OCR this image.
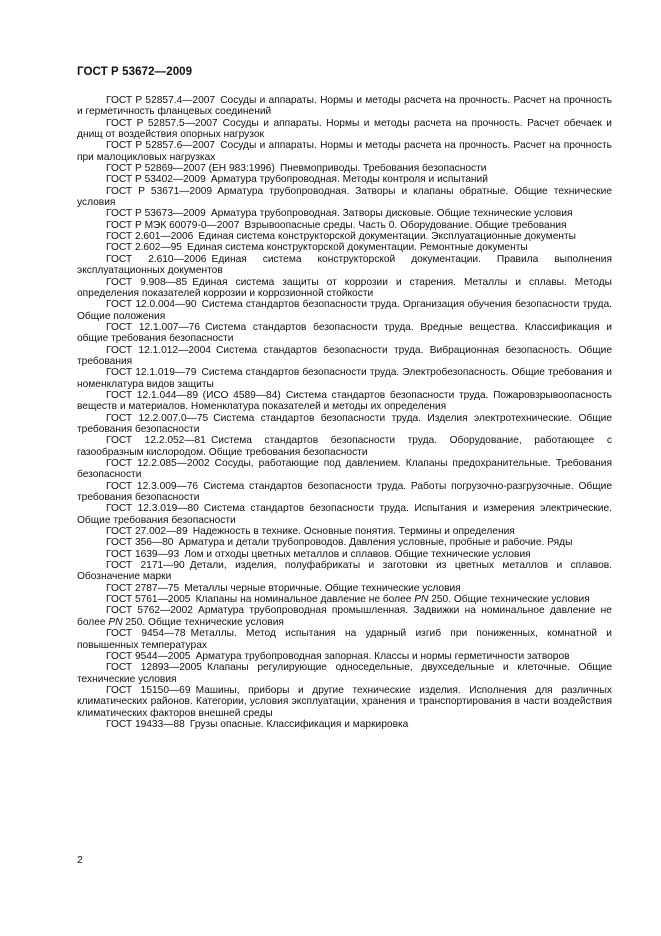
ГОСТ Р 53672—2009

ГОСТ Р 52857.4—2007  Сосуды и аппараты. Нормы и методы расчета на прочность. Расчет на прочность и герметичность фланцевых соединений

ГОСТ Р 52857.5—2007  Сосуды и аппараты. Нормы и методы расчета на прочность. Расчет обечаек и днищ от воздействия опорных нагрузок

ГОСТ Р 52857.6—2007  Сосуды и аппараты. Нормы и методы расчета на прочность. Расчет на прочность при малоцикловых нагрузках

ГОСТ Р 52869—2007 (ЕН 983:1996)  Пневмоприводы. Требования безопасности

ГОСТ Р 53402—2009  Арматура трубопроводная. Методы контроля и испытаний

ГОСТ Р 53671—2009  Арматура трубопроводная. Затворы и клапаны обратные. Общие технические условия

ГОСТ Р 53673—2009  Арматура трубопроводная. Затворы дисковые. Общие технические условия

ГОСТ Р МЭК 60079-0—2007  Взрывоопасные среды. Часть 0. Оборудование. Общие требования

ГОСТ 2.601—2006  Единая система конструкторской документации. Эксплуатационные документы

ГОСТ 2.602—95  Единая система конструкторской документации. Ремонтные документы

ГОСТ 2.610—2006  Единая система конструкторской документации. Правила выполнения эксплуатационных документов

ГОСТ 9.908—85  Единая система защиты от коррозии и старения. Металлы и сплавы. Методы определения показателей коррозии и коррозионной стойкости

ГОСТ 12.0.004—90  Система стандартов безопасности труда. Организация обучения безопасности труда. Общие положения

ГОСТ 12.1.007—76  Система стандартов безопасности труда. Вредные вещества. Классификация и общие требования безопасности

ГОСТ 12.1.012—2004  Система стандартов безопасности труда. Вибрационная безопасность. Общие требования

ГОСТ 12.1.019—79  Система стандартов безопасности труда. Электробезопасность. Общие требования и номенклатура видов защиты

ГОСТ 12.1.044—89 (ИСО 4589—84)  Система стандартов безопасности труда. Пожаровзрывоопасность веществ и материалов. Номенклатура показателей и методы их определения

ГОСТ 12.2.007.0—75  Система стандартов безопасности труда. Изделия электротехнические. Общие требования безопасности

ГОСТ 12.2.052—81  Система стандартов безопасности труда. Оборудование, работающее с газообразным кислородом. Общие требования безопасности

ГОСТ 12.2.085—2002  Сосуды, работающие под давлением. Клапаны предохранительные. Требования безопасности

ГОСТ 12.3.009—76  Система стандартов безопасности труда. Работы погрузочно-разгрузочные. Общие требования безопасности

ГОСТ 12.3.019—80  Система стандартов безопасности труда. Испытания и измерения электрические. Общие требования безопасности

ГОСТ 27.002—89  Надежность в технике. Основные понятия. Термины и определения

ГОСТ 356—80  Арматура и детали трубопроводов. Давления условные, пробные и рабочие. Ряды

ГОСТ 1639—93  Лом и отходы цветных металлов и сплавов. Общие технические условия

ГОСТ 2171—90  Детали, изделия, полуфабрикаты и заготовки из цветных металлов и сплавов. Обозначение марки

ГОСТ 2787—75  Металлы черные вторичные. Общие технические условия

ГОСТ 5761—2005  Клапаны на номинальное давление не более PN 250. Общие технические условия

ГОСТ 5762—2002  Арматура трубопроводная промышленная. Задвижки на номинальное давление не более PN 250. Общие технические условия

ГОСТ 9454—78  Металлы. Метод испытания на ударный изгиб при пониженных, комнатной и повышенных температурах

ГОСТ 9544—2005  Арматура трубопроводная запорная. Классы и нормы герметичности затворов

ГОСТ 12893—2005  Клапаны регулирующие односедельные, двухседельные и клеточные. Общие технические условия

ГОСТ 15150—69  Машины, приборы и другие технические изделия. Исполнения для различных климатических районов. Категории, условия эксплуатации, хранения и транспортирования в части воздействия климатических факторов внешней среды

ГОСТ 19433—88  Грузы опасные. Классификация и маркировка

2
